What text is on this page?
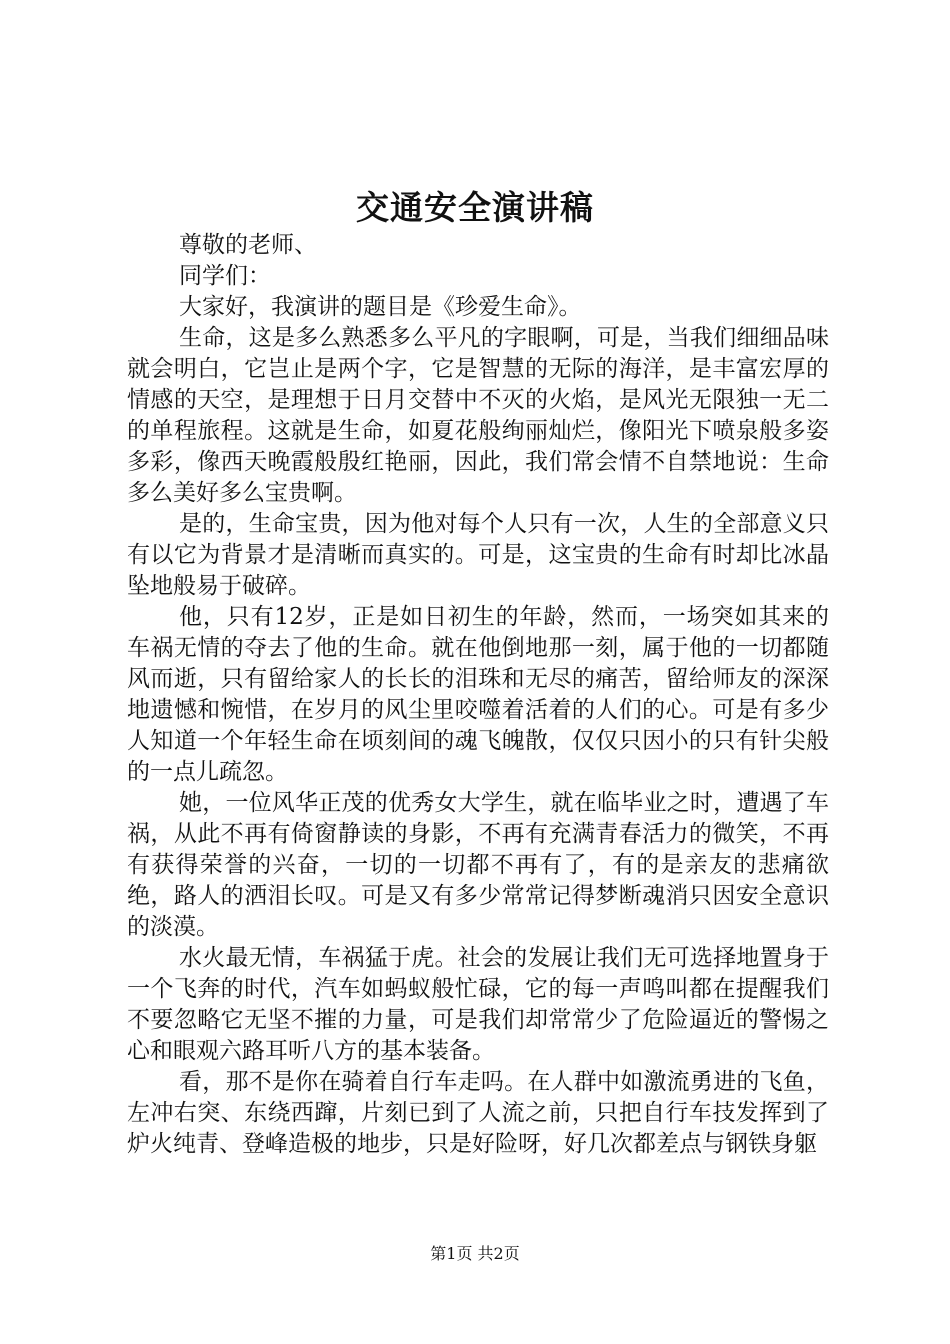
交通安全演讲稿

尊敬的老师、

同学们：

大家好，我演讲的题目是《珍爱生命》。

生命，这是多么熟悉多么平凡的字眼啊，可是，当我们细细品味就会明白，它岂止是两个字，它是智慧的无际的海洋，是丰富宏厚的情感的天空，是理想于日月交替中不灭的火焰，是风光无限独一无二的单程旅程。这就是生命，如夏花般绚丽灿烂，像阳光下喷泉般多姿多彩，像西天晚霞般殷红艳丽，因此，我们常会情不自禁地说：生命多么美好多么宝贵啊。

是的，生命宝贵，因为他对每个人只有一次，人生的全部意义只有以它为背景才是清晰而真实的。可是，这宝贵的生命有时却比冰晶坠地般易于破碎。

他，只有12岁，正是如日初生的年龄，然而，一场突如其来的车祸无情的夺去了他的生命。就在他倒地那一刻，属于他的一切都随风而逝，只有留给家人的长长的泪珠和无尽的痛苦，留给师友的深深地遗憾和惋惜，在岁月的风尘里咬噬着活着的人们的心。可是有多少人知道一个年轻生命在顷刻间的魂飞魄散，仅仅只因小的只有针尖般的一点儿疏忽。

她，一位风华正茂的优秀女大学生，就在临毕业之时，遭遇了车祸，从此不再有倚窗静读的身影，不再有充满青春活力的微笑，不再有获得荣誉的兴奋，一切的一切都不再有了，有的是亲友的悲痛欲绝，路人的洒泪长叹。可是又有多少常常记得梦断魂消只因安全意识的淡漠。

水火最无情，车祸猛于虎。社会的发展让我们无可选择地置身于一个飞奔的时代，汽车如蚂蚁般忙碌，它的每一声鸣叫都在提醒我们不要忽略它无坚不摧的力量，可是我们却常常少了危险逼近的警惕之心和眼观六路耳听八方的基本装备。

看，那不是你在骑着自行车走吗。在人群中如激流勇进的飞鱼，左冲右突、东绕西蹿，片刻已到了人流之前，只把自行车技发挥到了炉火纯青、登峰造极的地步，只是好险呀，好几次都差点与钢铁身躯

第1页 共2页
